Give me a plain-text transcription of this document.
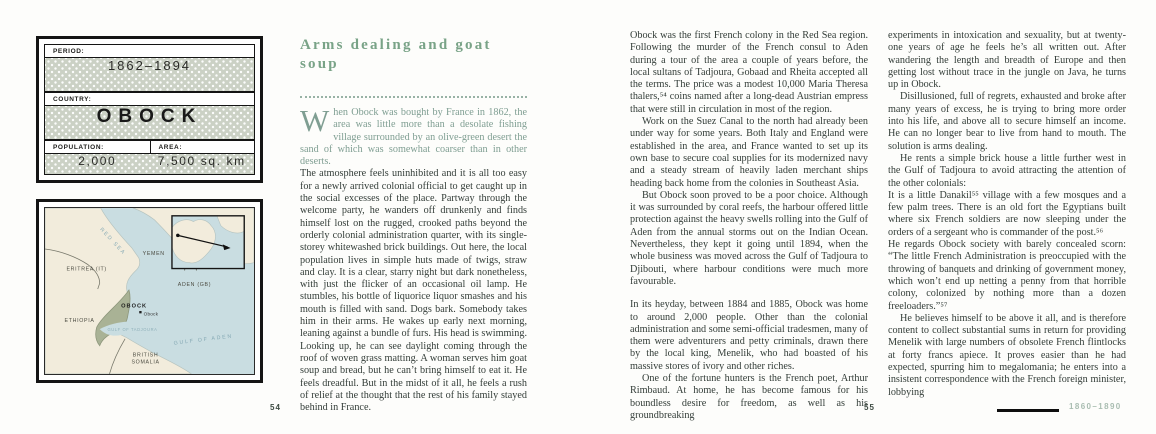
PERIOD:
1862–1894
COUNTRY:
OBOCK
POPULATION:
2,000
AREA:
7,500 sq. km
RED SEA	YEMEN
ERITREA (IT)
ADEN (GB)
OBOCK
Obock
ETHIOPIA
GULF OF TADJOURA
GULF OF ADEN
BRITISH
SOMALIA
Arms dealing and goat soup

When Obock was bought by France in 1862, the area was little more than a desolate fishing village surrounded by an olive-green desert the sand of which was somewhat coarser than in other deserts.

The atmosphere feels uninhibited and it is all too easy for a newly arrived colonial official to get caught up in the social excesses of the place. Partway through the welcome party, he wanders off drunkenly and finds himself lost on the rugged, crooked paths beyond the orderly colonial administration quarter, with its single-storey whitewashed brick buildings. Out here, the local population lives in simple huts made of twigs, straw and clay. It is a clear, starry night but dark nonetheless, with just the flicker of an occasional oil lamp. He stumbles, his bottle of liquorice liquor smashes and his mouth is filled with sand. Dogs bark. Somebody takes him in their arms. He wakes up early next morning, leaning against a bundle of furs. His head is swimming. Looking up, he can see daylight coming through the roof of woven grass matting. A woman serves him goat soup and bread, but he can’t bring himself to eat it. He feels dreadful. But in the midst of it all, he feels a rush of relief at the thought that the rest of his family stayed behind in France.

54

Obock was the first French colony in the Red Sea region. Following the murder of the French consul to Aden during a tour of the area a couple of years before, the local sultans of Tadjoura, Gobaad and Rheita accepted all the terms. The price was a modest 10,000 Maria Theresa thalers,⁵⁴ coins named after a long-dead Austrian empress that were still in circulation in most of the region.

Work on the Suez Canal to the north had already been under way for some years. Both Italy and England were established in the area, and France wanted to set up its own base to secure coal supplies for its modernized navy and a steady stream of heavily laden merchant ships heading back home from the colonies in Southeast Asia.

But Obock soon proved to be a poor choice. Although it was surrounded by coral reefs, the harbour offered little protection against the heavy swells rolling into the Gulf of Aden from the annual storms out on the Indian Ocean. Nevertheless, they kept it going until 1894, when the whole business was moved across the Gulf of Tadjoura to Djibouti, where harbour conditions were much more favourable.

In its heyday, between 1884 and 1885, Obock was home to around 2,000 people. Other than the colonial administration and some semi-official tradesmen, many of them were adventurers and petty criminals, drawn there by the local king, Menelik, who had boasted of his massive stores of ivory and other riches.

One of the fortune hunters is the French poet, Arthur Rimbaud. At home, he has become famous for his boundless desire for freedom, as well as his groundbreaking

experiments in intoxication and sexuality, but at twenty-one years of age he feels he’s all written out. After wandering the length and breadth of Europe and then getting lost without trace in the jungle on Java, he turns up in Obock.

Disillusioned, full of regrets, exhausted and broke after many years of excess, he is trying to bring more order into his life, and above all to secure himself an income. He can no longer bear to live from hand to mouth. The solution is arms dealing.

He rents a simple brick house a little further west in the Gulf of Tadjoura to avoid attracting the attention of the other colonials:

It is a little Danakil⁵⁵ village with a few mosques and a few palm trees. There is an old fort the Egyptians built where six French soldiers are now sleeping under the orders of a sergeant who is commander of the post.⁵⁶

He regards Obock society with barely concealed scorn: “The little French Administration is preoccupied with the throwing of banquets and drinking of government money, which won’t end up netting a penny from that horrible colony, colonized by nothing more than a dozen freeloaders.”⁵⁷

He believes himself to be above it all, and is therefore content to collect substantial sums in return for providing Menelik with large numbers of obsolete French flintlocks at forty francs apiece. It proves easier than he had expected, spurring him to megalomania; he enters into a insistent correspondence with the French foreign minister, lobbying

55	1860–1890
